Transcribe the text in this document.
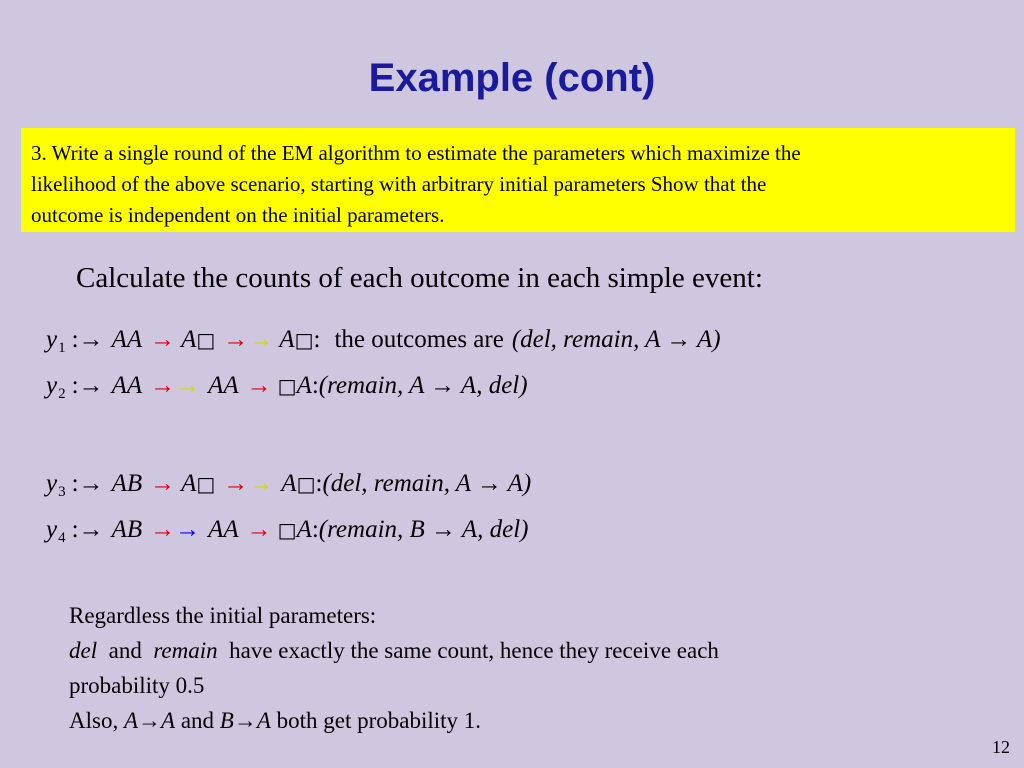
Example (cont)

3. Write a single round of the EM algorithm to estimate the parameters which maximize the

likelihood of the above scenario, starting with arbitrary initial parameters Show that the

outcome is independent on the initial parameters.

Calculate the counts of each outcome in each simple event:
$y_1$ :→ AA → A □ → → A □ : the outcomes are (del, remain, A → A)
$y_2$ :→ AA → → AA → □ A : (remain, A → A, del)
$y_3$ :→ AB → A □ → → A □ : (del, remain, A → A)
$y_4$ :→ AB → → AA → □ A : (remain, B → A, del)

Regardless the initial parameters:

del and remain have exactly the same count, hence they receive each

probability 0.5

Also, A→A and B→A both get probability 1.

12
